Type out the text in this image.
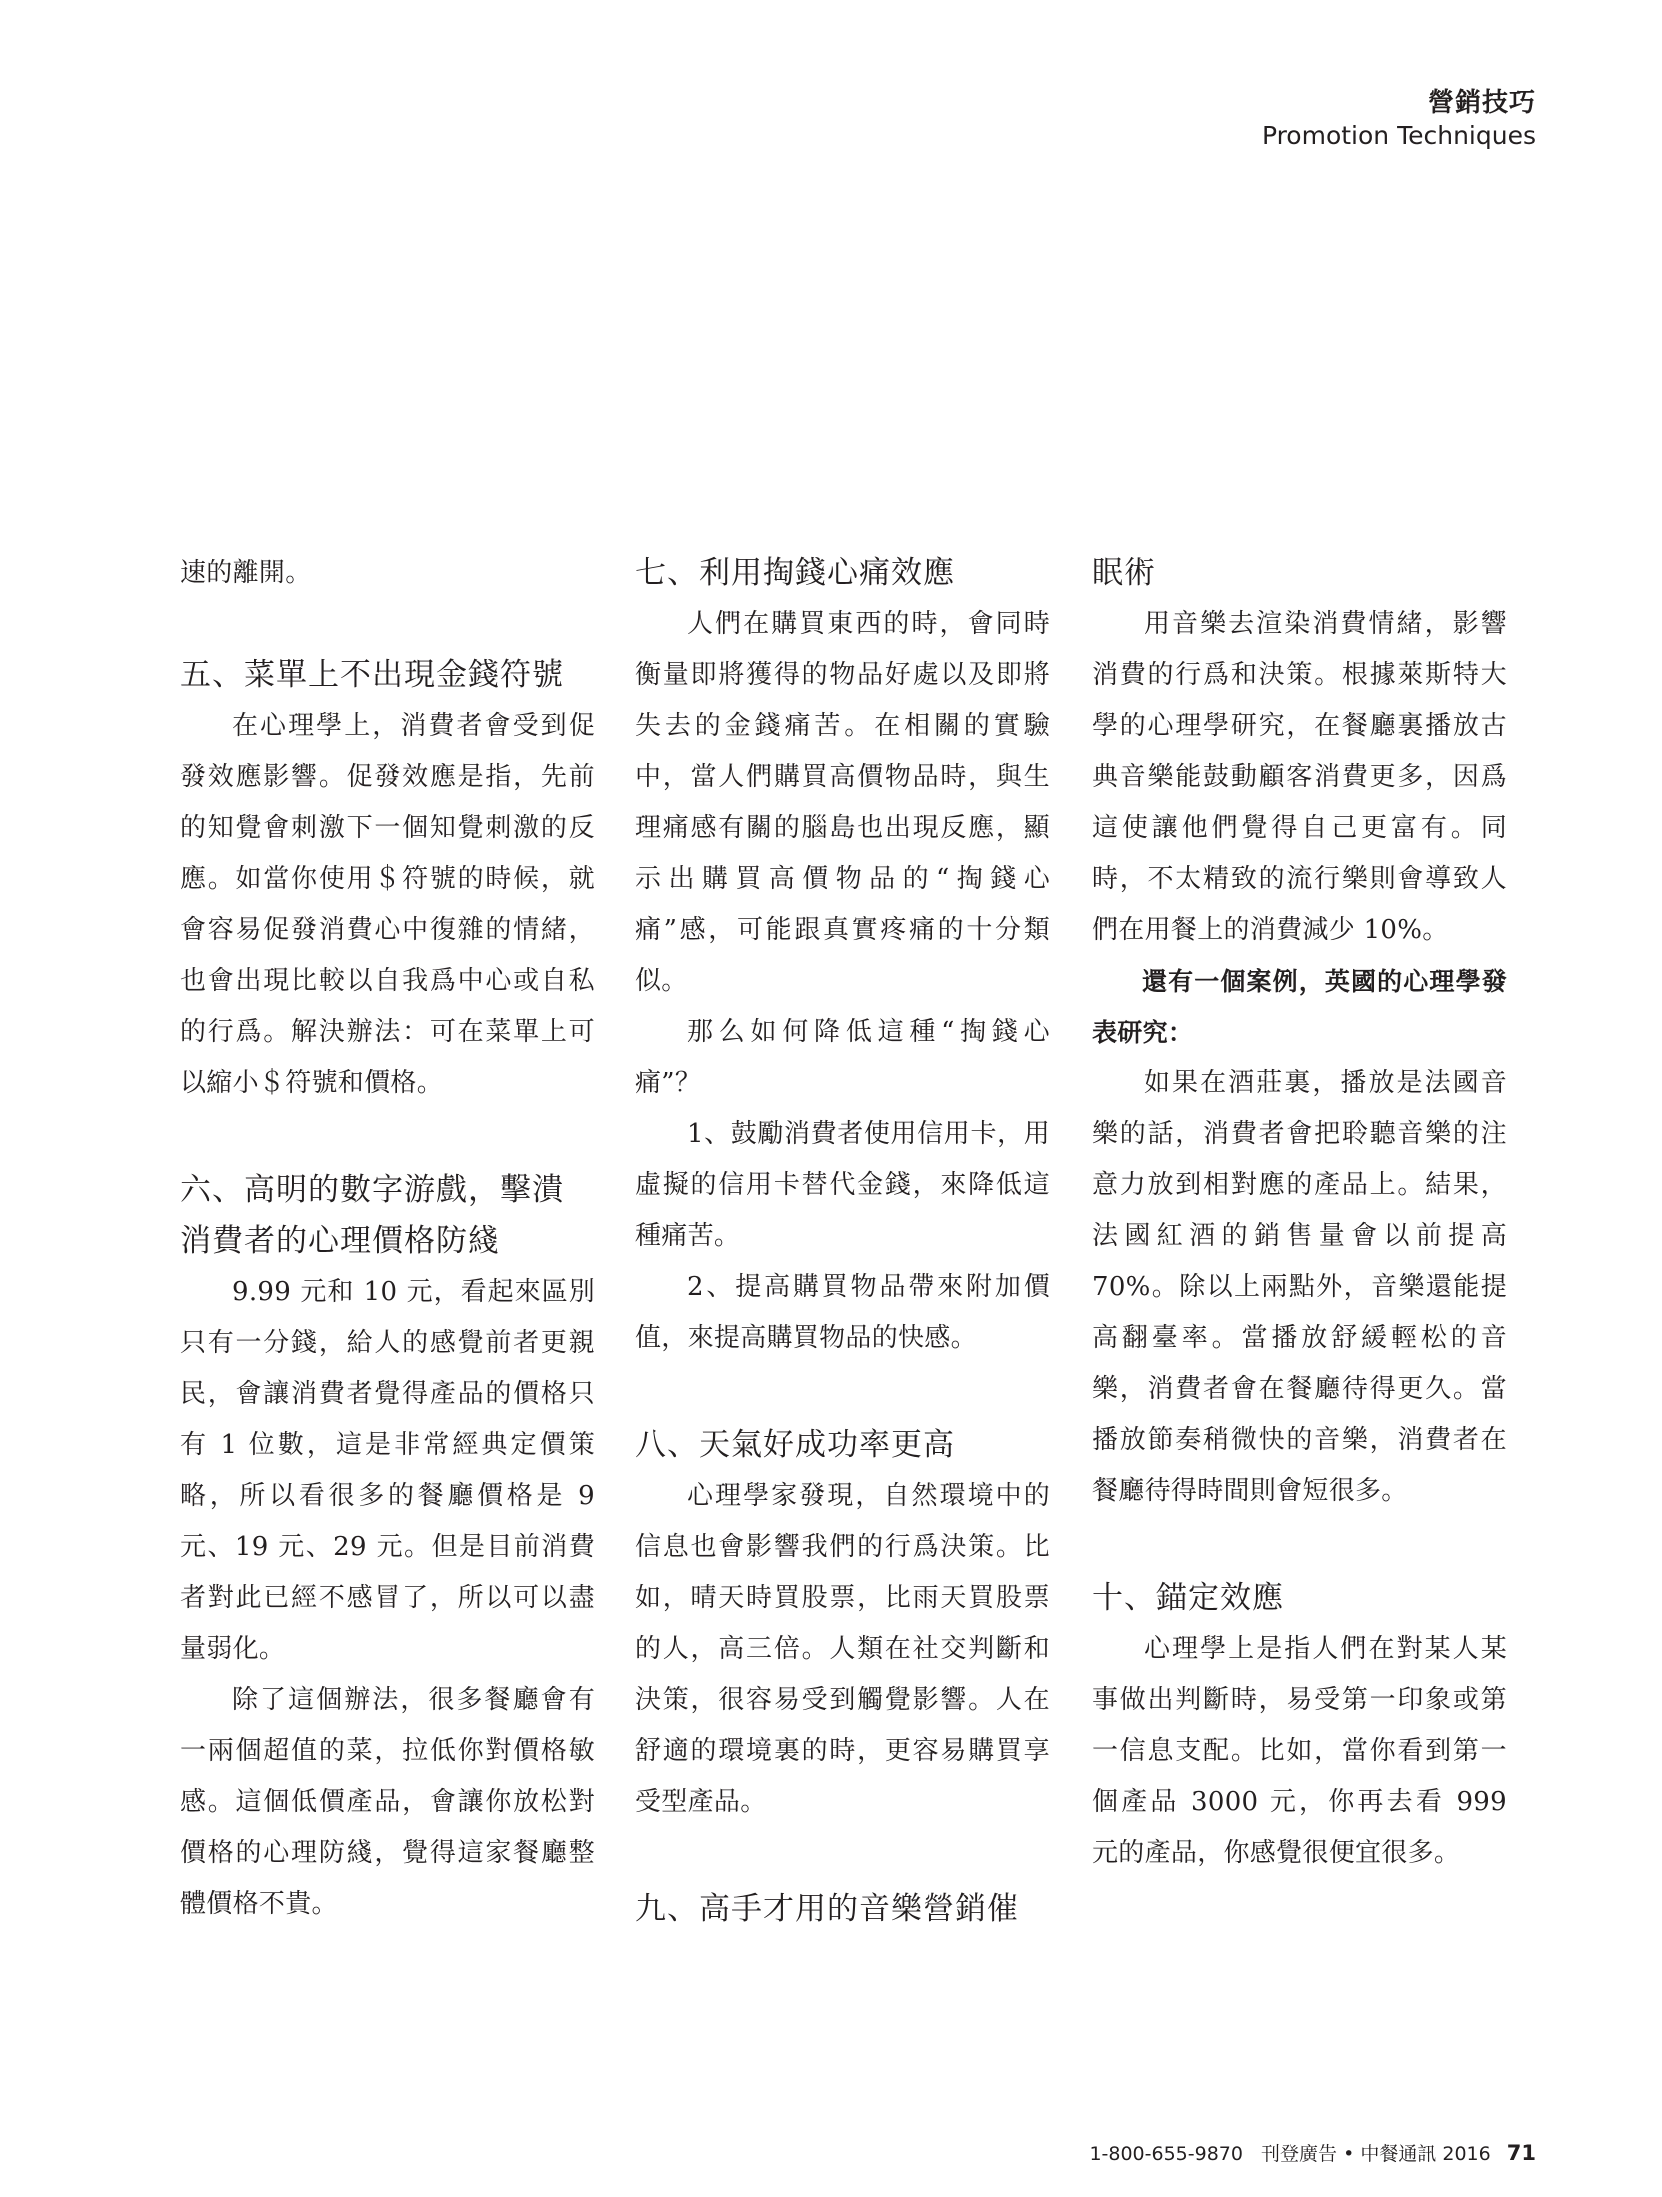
營銷技巧
Promotion Techniques

速的離開。

五、菜單上不出現金錢符號

在心理學上，消費者會受到促發效應影響。促發效應是指，先前的知覺會刺激下一個知覺刺激的反應。如當你使用＄符號的時候，就會容易促發消費心中復雜的情緒，也會出現比較以自我爲中心或自私的行爲。解決辦法：可在菜單上可以縮小＄符號和價格。

六、高明的數字游戲，擊潰消費者的心理價格防綫

9.99 元和 10 元，看起來區別只有一分錢，給人的感覺前者更親民，會讓消費者覺得產品的價格只有 1 位數，這是非常經典定價策略，所以看很多的餐廳價格是 9 元、19 元、29 元。但是目前消費者對此已經不感冒了，所以可以盡量弱化。

除了這個辦法，很多餐廳會有一兩個超值的菜，拉低你對價格敏感。這個低價產品，會讓你放松對價格的心理防綫，覺得這家餐廳整體價格不貴。

七、利用掏錢心痛效應

人們在購買東西的時，會同時衡量即將獲得的物品好處以及即將失去的金錢痛苦。在相關的實驗中，當人們購買高價物品時，與生理痛感有關的腦島也出現反應，顯示出購買高價物品的“掏錢心痛”感，可能跟真實疼痛的十分類似。

那么如何降低這種“掏錢心痛”？

1、鼓勵消費者使用信用卡，用虛擬的信用卡替代金錢，來降低這種痛苦。

2、提高購買物品帶來附加價值，來提高購買物品的快感。

八、天氣好成功率更高

心理學家發現，自然環境中的信息也會影響我們的行爲決策。比如，晴天時買股票，比雨天買股票的人，高三倍。人類在社交判斷和決策，很容易受到觸覺影響。人在舒適的環境裏的時，更容易購買享受型產品。

九、高手才用的音樂營銷催

眠術

用音樂去渲染消費情緒，影響消費的行爲和決策。根據萊斯特大學的心理學研究，在餐廳裏播放古典音樂能鼓動顧客消費更多，因爲這使讓他們覺得自己更富有。同時，不太精致的流行樂則會導致人們在用餐上的消費減少 10%。

還有一個案例，英國的心理學發表研究：

如果在酒莊裏，播放是法國音樂的話，消費者會把聆聽音樂的注意力放到相對應的產品上。結果，法國紅酒的銷售量會以前提高 70%。除以上兩點外，音樂還能提高翻臺率。當播放舒緩輕松的音樂，消費者會在餐廳待得更久。當播放節奏稍微快的音樂，消費者在餐廳待得時間則會短很多。

十、錨定效應

心理學上是指人們在對某人某事做出判斷時，易受第一印象或第一信息支配。比如，當你看到第一個產品 3000 元，你再去看 999 元的產品，你感覺很便宜很多。

1-800-655-9870 刊登廣告 • 中餐通訊 2016 71
